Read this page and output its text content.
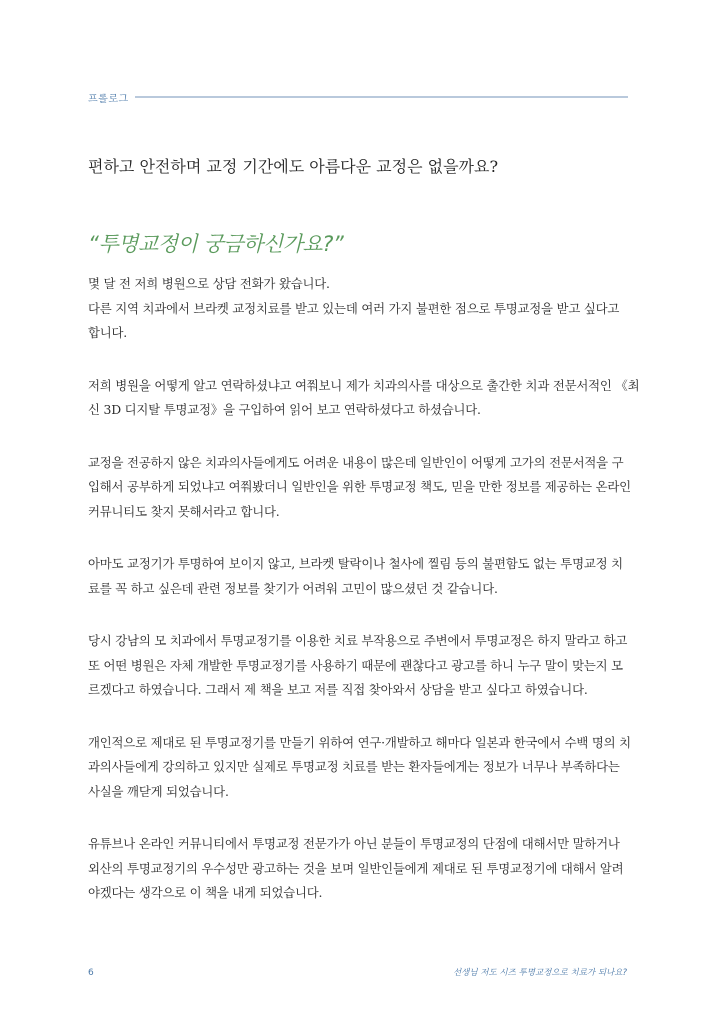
프롤로그
편하고 안전하며 교정 기간에도 아름다운 교정은 없을까요?
“투명교정이 궁금하신가요?”
몇 달 전 저희 병원으로 상담 전화가 왔습니다.
다른 지역 치과에서 브라켓 교정치료를 받고 있는데 여러 가지 불편한 점으로 투명교정을 받고 싶다고
합니다.
저희 병원을 어떻게 알고 연락하셨냐고 여쭤보니 제가 치과의사를 대상으로 출간한 치과 전문서적인 《최
신 3D 디지탈 투명교정》을 구입하여 읽어 보고 연락하셨다고 하셨습니다.
교정을 전공하지 않은 치과의사들에게도 어려운 내용이 많은데 일반인이 어떻게 고가의 전문서적을 구
입해서 공부하게 되었냐고 여쭤봤더니 일반인을 위한 투명교정 책도, 믿을 만한 정보를 제공하는 온라인
커뮤니티도 찾지 못해서라고 합니다.
아마도 교정기가 투명하여 보이지 않고, 브라켓 탈락이나 철사에 찔림 등의 불편함도 없는 투명교정 치
료를 꼭 하고 싶은데 관련 정보를 찾기가 어려워 고민이 많으셨던 것 같습니다.
당시 강남의 모 치과에서 투명교정기를 이용한 치료 부작용으로 주변에서 투명교정은 하지 말라고 하고
또 어떤 병원은 자체 개발한 투명교정기를 사용하기 때문에 괜찮다고 광고를 하니 누구 말이 맞는지 모
르겠다고 하였습니다. 그래서 제 책을 보고 저를 직접 찾아와서 상담을 받고 싶다고 하였습니다.
개인적으로 제대로 된 투명교정기를 만들기 위하여 연구·개발하고 해마다 일본과 한국에서 수백 명의 치
과의사들에게 강의하고 있지만 실제로 투명교정 치료를 받는 환자들에게는 정보가 너무나 부족하다는
사실을 깨닫게 되었습니다.
유튜브나 온라인 커뮤니티에서 투명교정 전문가가 아닌 분들이 투명교정의 단점에 대해서만 말하거나
외산의 투명교정기의 우수성만 광고하는 것을 보며 일반인들에게 제대로 된 투명교정기에 대해서 알려
야겠다는 생각으로 이 책을 내게 되었습니다.
6	선생님 저도 시즈 투명교정으로 치료가 되나요?
